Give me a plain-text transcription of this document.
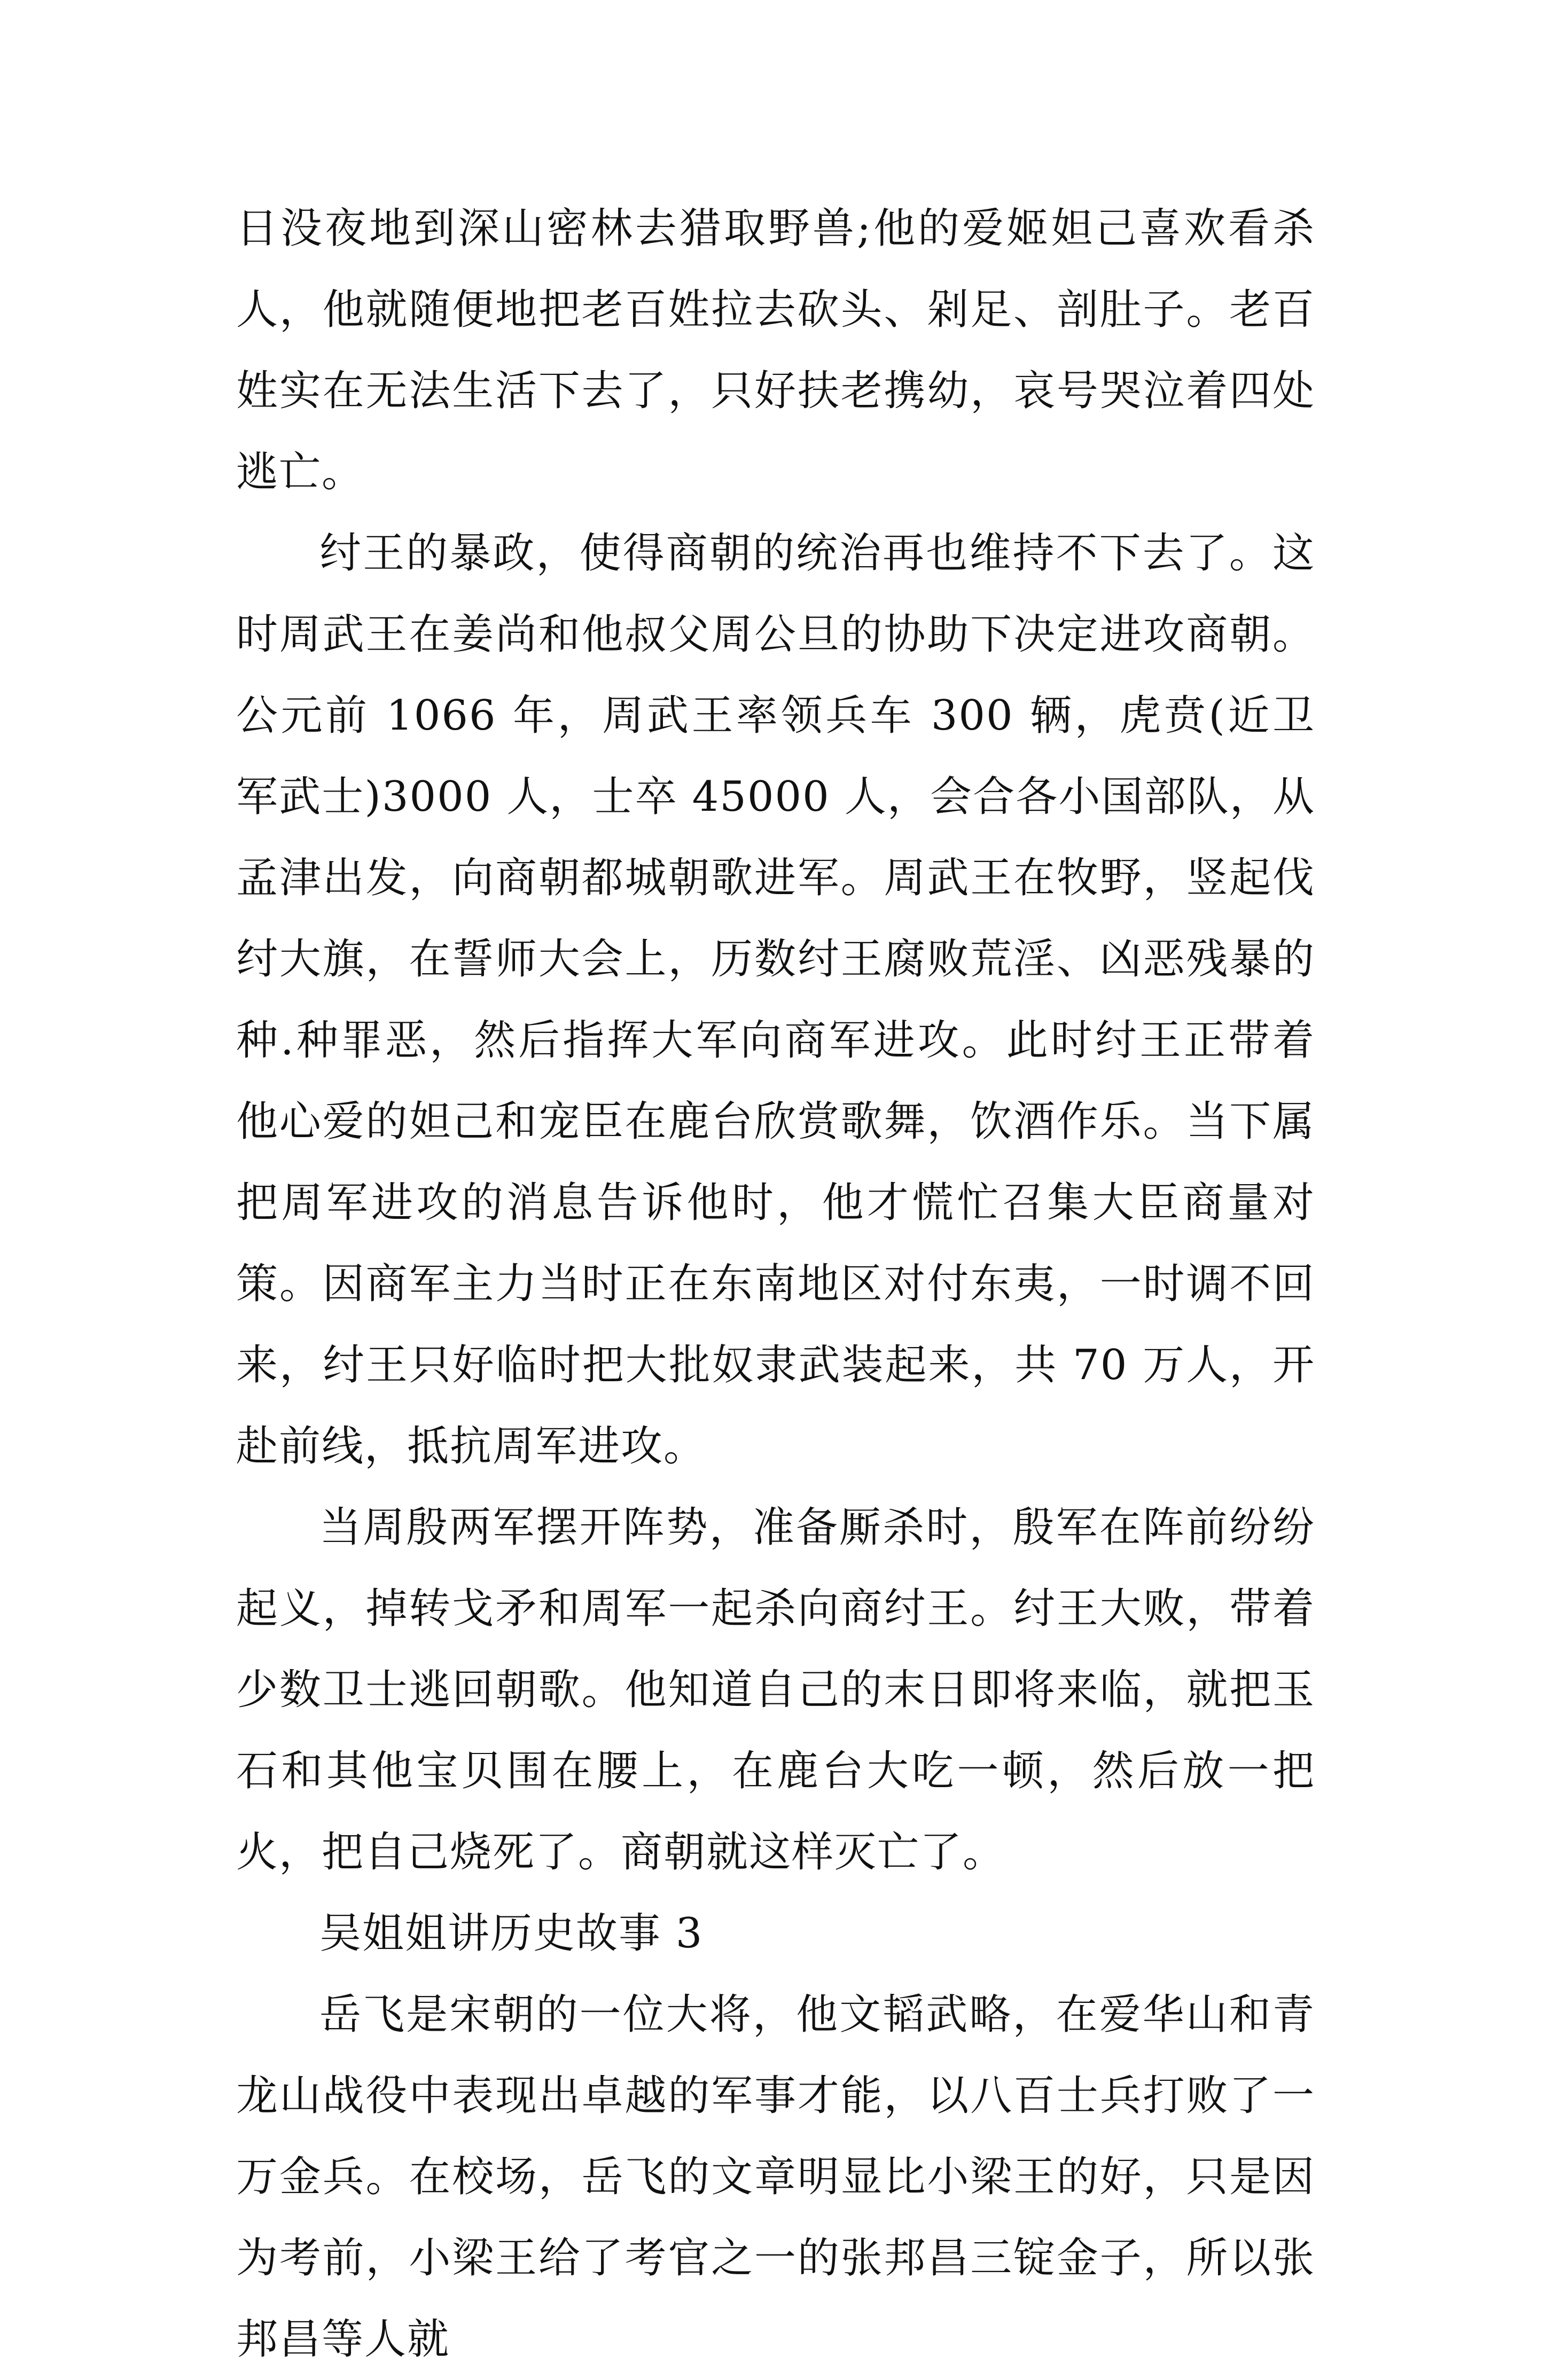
日没夜地到深山密林去猎取野兽;他的爱姬妲己喜欢看杀人，他就随便地把老百姓拉去砍头、剁足、剖肚子。老百姓实在无法生活下去了，只好扶老携幼，哀号哭泣着四处逃亡。

纣王的暴政，使得商朝的统治再也维持不下去了。这时周武王在姜尚和他叔父周公旦的协助下决定进攻商朝。公元前 1066 年，周武王率领兵车 300 辆，虎贲(近卫军武士)3000 人，士卒 45000 人，会合各小国部队，从孟津出发，向商朝都城朝歌进军。周武王在牧野，竖起伐纣大旗，在誓师大会上，历数纣王腐败荒淫、凶恶残暴的种.种罪恶，然后指挥大军向商军进攻。此时纣王正带着他心爱的妲己和宠臣在鹿台欣赏歌舞，饮酒作乐。当下属把周军进攻的消息告诉他时，他才慌忙召集大臣商量对策。因商军主力当时正在东南地区对付东夷，一时调不回来，纣王只好临时把大批奴隶武装起来，共 70 万人，开赴前线，抵抗周军进攻。

当周殷两军摆开阵势，准备厮杀时，殷军在阵前纷纷起义，掉转戈矛和周军一起杀向商纣王。纣王大败，带着少数卫士逃回朝歌。他知道自己的末日即将来临，就把玉石和其他宝贝围在腰上，在鹿台大吃一顿，然后放一把火，把自己烧死了。商朝就这样灭亡了。

吴姐姐讲历史故事 3

岳飞是宋朝的一位大将，他文韬武略，在爱华山和青龙山战役中表现出卓越的军事才能，以八百士兵打败了一万金兵。在校场，岳飞的文章明显比小梁王的好，只是因为考前，小梁王给了考官之一的张邦昌三锭金子，所以张邦昌等人就
